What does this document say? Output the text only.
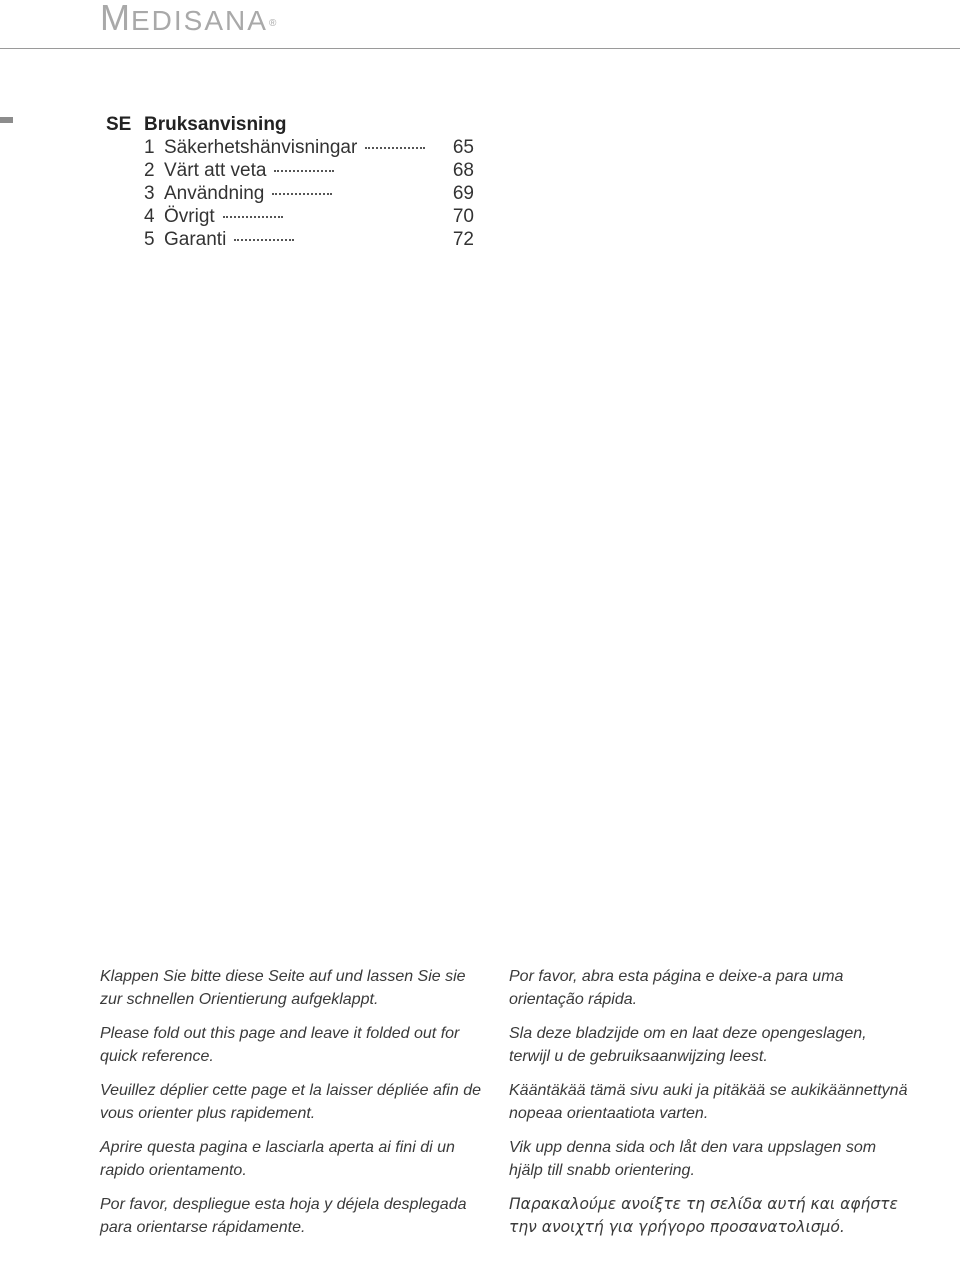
MEDISANA®
SE Bruksanvisning
1 Säkerhetshänvisningar	65
2 Värt att veta	68
3 Användning	69
4 Övrigt	70
5 Garanti	72

Klappen Sie bitte diese Seite auf und lassen Sie sie zur schnellen Orientierung aufgeklappt.

Please fold out this page and leave it folded out for quick reference.

Veuillez déplier cette page et la laisser dépliée afin de vous orienter plus rapidement.

Aprire questa pagina e lasciarla aperta ai fini di un rapido orientamento.

Por favor, despliegue esta hoja y déjela desplegada para orientarse rápidamente.

Por favor, abra esta página e deixe-a para uma orientação rápida.

Sla deze bladzijde om en laat deze opengeslagen, terwijl u de gebruiksaanwijzing leest.

Kääntäkää tämä sivu auki ja pitäkää se aukikäännettynä nopeaa orientaatiota varten.

Vik upp denna sida och låt den vara uppslagen som hjälp till snabb orientering.

Παρακαλούμε ανοίξτε τη σελίδα αυτή και αφήστε την ανοιχτή για γρήγορο προσανατολισμό.
